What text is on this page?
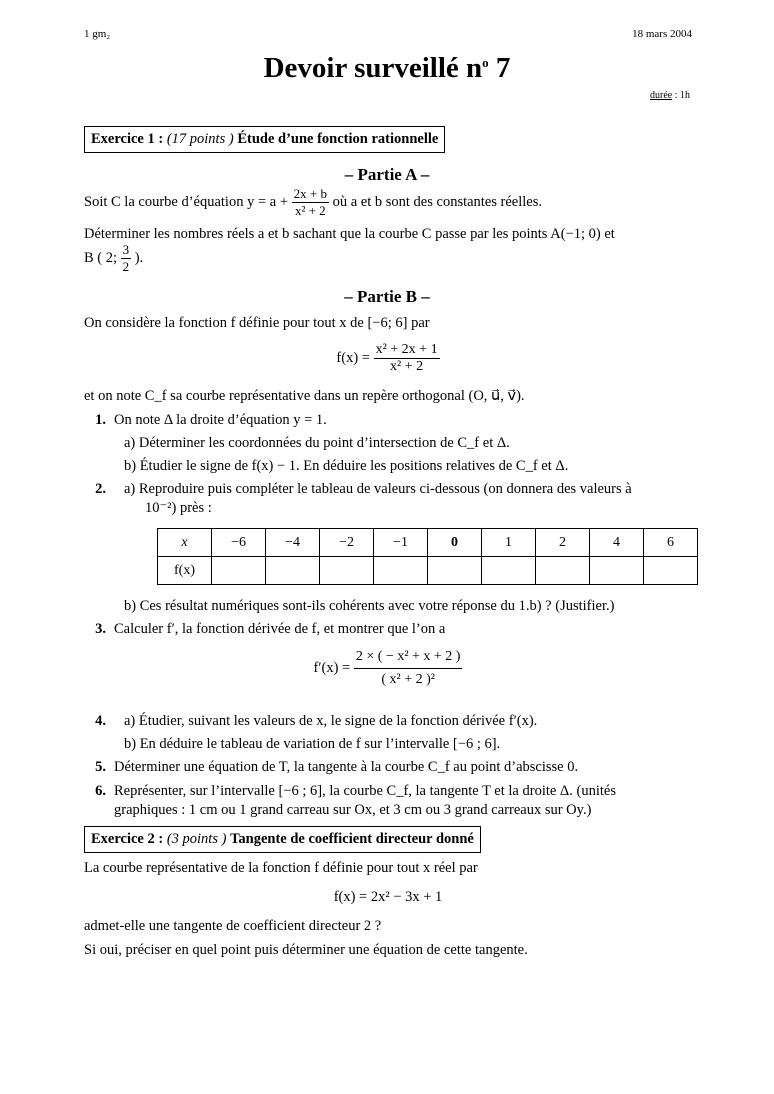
1 gm₂	18 mars 2004
Devoir surveillé $n^o$ 7
durée : 1h
Exercice 1 : (17 points ) Étude d’une fonction rationnelle
– Partie A –
Soit C la courbe d’équation $y = a + \frac{2x + b}{\text{x² + 2}}$ où a et b sont des constantes réelles.
Déterminer les nombres réels a et b sachant que la courbe C passe par les points A(−1; 0) et
B ( 2; $\frac{3}{2}$ ).
– Partie B –
On considère la fonction f définie pour tout x de [−6; 6] par
$f(x) = \frac{\text{x² + 2x + 1}}{\text{x² + 2}}$
et on note C_f sa courbe représentative dans un repère orthogonal (O, u⃗, v⃗).
1. On note Δ la droite d’équation y = 1.
a) Déterminer les coordonnées du point d’intersection de C_f et Δ.
b) Étudier le signe de f(x) − 1. En déduire les positions relatives de C_f et Δ.
2.	a) Reproduire puis compléter le tableau de valeurs ci-dessous (on donnera des valeurs à
10⁻²) près :
x	−6	−4	−2	−1	0	1	2	4	6
f(x)									
b) Ces résultat numériques sont-ils cohérents avec votre réponse du 1.b) ? (Justifier.)
3. Calculer f′, la fonction dérivée de f, et montrer que l’on a
$f'(x) = \frac{\text{2 × ( − x² + x + 2 )}}{\text{( x² + 2 )²}}$
4.	a) Étudier, suivant les valeurs de x, le signe de la fonction dérivée f′(x).
b) En déduire le tableau de variation de f sur l’intervalle [−6 ; 6].
5. Déterminer une équation de T, la tangente à la courbe C_f au point d’abscisse 0.
6. Représenter, sur l’intervalle [−6 ; 6], la courbe C_f, la tangente T et la droite Δ. (unités
graphiques : 1 cm ou 1 grand carreau sur Ox, et 3 cm ou 3 grand carreaux sur Oy.)
Exercice 2 : (3 points ) Tangente de coefficient directeur donné
La courbe représentative de la fonction f définie pour tout x réel par
f(x) = 2x² − 3x + 1
admet-elle une tangente de coefficient directeur 2 ?
Si oui, préciser en quel point puis déterminer une équation de cette tangente.
